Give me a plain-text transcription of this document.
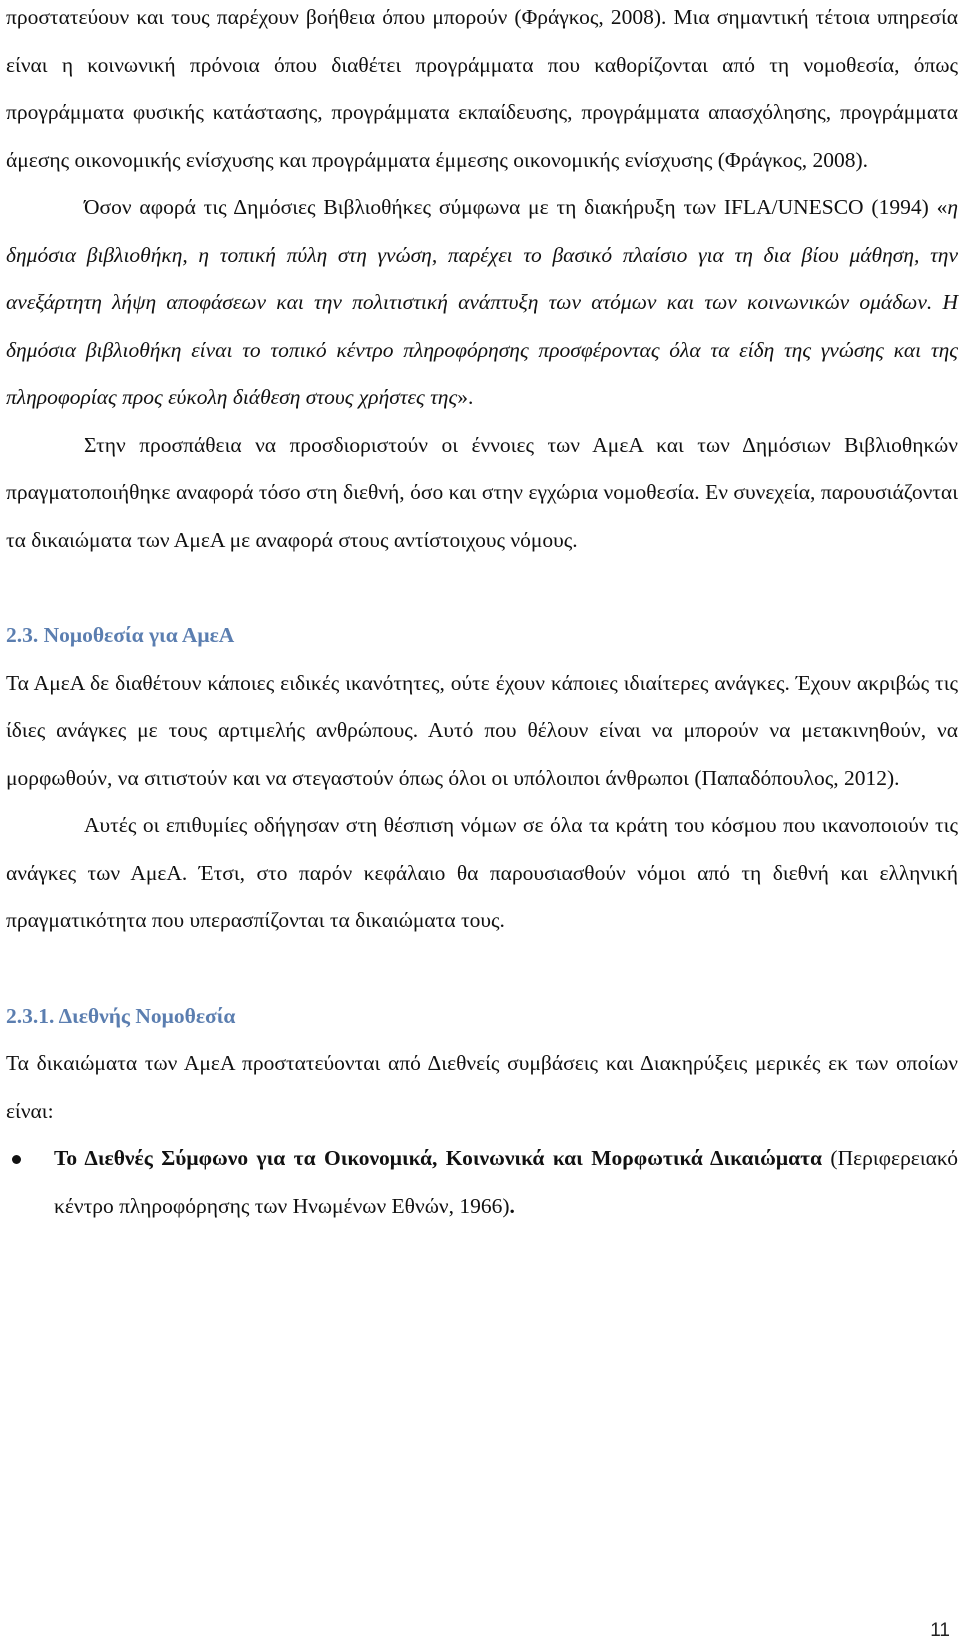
προστατεύουν και τους παρέχουν βοήθεια όπου μπορούν (Φράγκος, 2008). Μια σημαντική τέτοια υπηρεσία είναι η κοινωνική πρόνοια όπου διαθέτει προγράμματα που καθορίζονται από τη νομοθεσία, όπως προγράμματα φυσικής κατάστασης, προγράμματα εκπαίδευσης, προγράμματα απασχόλησης, προγράμματα άμεσης οικονομικής ενίσχυσης και προγράμματα έμμεσης οικονομικής ενίσχυσης (Φράγκος, 2008).

Όσον αφορά τις Δημόσιες Βιβλιοθήκες σύμφωνα με τη διακήρυξη των IFLA/UNESCO (1994) «η δημόσια βιβλιοθήκη, η τοπική πύλη στη γνώση, παρέχει το βασικό πλαίσιο για τη δια βίου μάθηση, την ανεξάρτητη λήψη αποφάσεων και την πολιτιστική ανάπτυξη των ατόμων και των κοινωνικών ομάδων. Η δημόσια βιβλιοθήκη είναι το τοπικό κέντρο πληροφόρησης προσφέροντας όλα τα είδη της γνώσης και της πληροφορίας προς εύκολη διάθεση στους χρήστες της».

Στην προσπάθεια να προσδιοριστούν οι έννοιες των ΑμεΑ και των Δημόσιων Βιβλιοθηκών πραγματοποιήθηκε αναφορά τόσο στη διεθνή, όσο και στην εγχώρια νομοθεσία. Εν συνεχεία, παρουσιάζονται τα δικαιώματα των ΑμεΑ με αναφορά στους αντίστοιχους νόμους.

2.3. Νομοθεσία για ΑμεΑ

Τα ΑμεΑ δε διαθέτουν κάποιες ειδικές ικανότητες, ούτε έχουν κάποιες ιδιαίτερες ανάγκες. Έχουν ακριβώς τις ίδιες ανάγκες με τους αρτιμελής ανθρώπους. Αυτό που θέλουν είναι να μπορούν να μετακινηθούν, να μορφωθούν, να σιτιστούν και να στεγαστούν όπως όλοι οι υπόλοιποι άνθρωποι (Παπαδόπουλος, 2012).

Αυτές οι επιθυμίες οδήγησαν στη θέσπιση νόμων σε όλα τα κράτη του κόσμου που ικανοποιούν τις ανάγκες των ΑμεΑ. Έτσι, στο παρόν κεφάλαιο θα παρουσιασθούν νόμοι από τη διεθνή και ελληνική πραγματικότητα που υπερασπίζονται τα δικαιώματα τους.

2.3.1. Διεθνής Νομοθεσία

Τα δικαιώματα των ΑμεΑ προστατεύονται από Διεθνείς συμβάσεις και Διακηρύξεις μερικές εκ των οποίων είναι:

Το Διεθνές Σύμφωνο για τα Οικονομικά, Κοινωνικά και Μορφωτικά Δικαιώματα (Περιφερειακό κέντρο πληροφόρησης των Ηνωμένων Εθνών, 1966).

11
